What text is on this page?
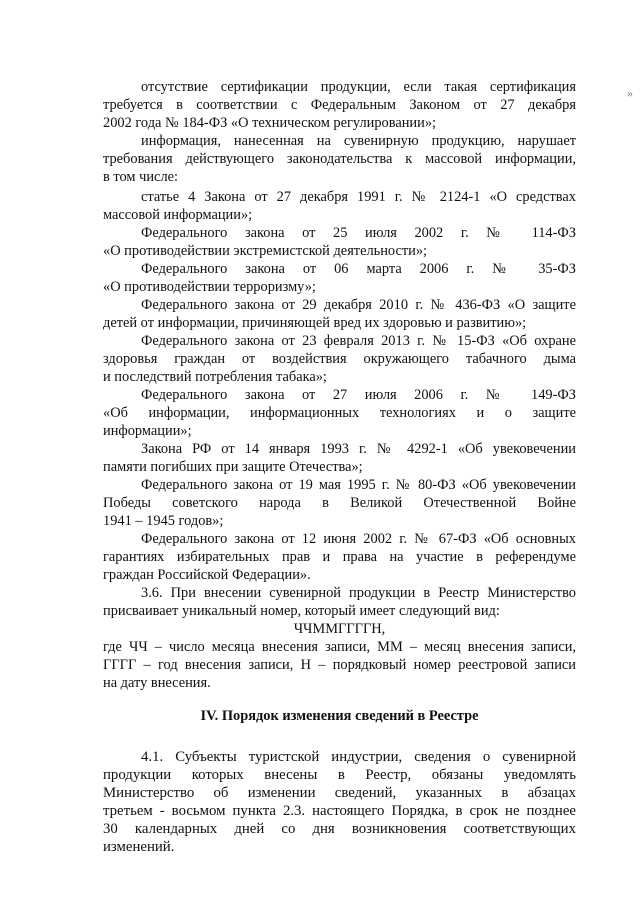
»
отсутствие сертификации продукции, если такая сертификация
требуется в соответствии с Федеральным Законом от 27 декабря
2002 года № 184-ФЗ «О техническом регулировании»;
информация, нанесенная на сувенирную продукцию, нарушает
требования действующего законодательства к массовой информации,
в том числе:
статье 4 Закона от 27 декабря 1991 г. № 2124-1 «О средствах
массовой информации»;
Федерального закона от 25 июля 2002 г. № 114-ФЗ
«О противодействии экстремистской деятельности»;
Федерального закона от 06 марта 2006 г. № 35-ФЗ
«О противодействии терроризму»;
Федерального закона от 29 декабря 2010 г. № 436-ФЗ «О защите
детей от информации, причиняющей вред их здоровью и развитию»;
Федерального закона от 23 февраля 2013 г. № 15-ФЗ «Об охране
здоровья граждан от воздействия окружающего табачного дыма
и последствий потребления табака»;
Федерального закона от 27 июля 2006 г. № 149-ФЗ
«Об информации, информационных технологиях и о защите
информации»;
Закона РФ от 14 января 1993 г. № 4292-1 «Об увековечении
памяти погибших при защите Отечества»;
Федерального закона от 19 мая 1995 г. № 80-ФЗ «Об увековечении
Победы советского народа в Великой Отечественной Войне
1941 – 1945 годов»;
Федерального закона от 12 июня 2002 г. № 67-ФЗ «Об основных
гарантиях избирательных прав и права на участие в референдуме
граждан Российской Федерации».
3.6. При внесении сувенирной продукции в Реестр Министерство
присваивает уникальный номер, который имеет следующий вид:
ЧЧММГГГГН,
где ЧЧ – число месяца внесения записи, ММ – месяц внесения записи,
ГГГГ – год внесения записи, Н – порядковый номер реестровой записи
на дату внесения.
IV. Порядок изменения сведений в Реестре
4.1. Субъекты туристской индустрии, сведения о сувенирной
продукции которых внесены в Реестр, обязаны уведомлять
Министерство об изменении сведений, указанных в абзацах
третьем - восьмом пункта 2.3. настоящего Порядка, в срок не позднее
30 календарных дней со дня возникновения соответствующих
изменений.
